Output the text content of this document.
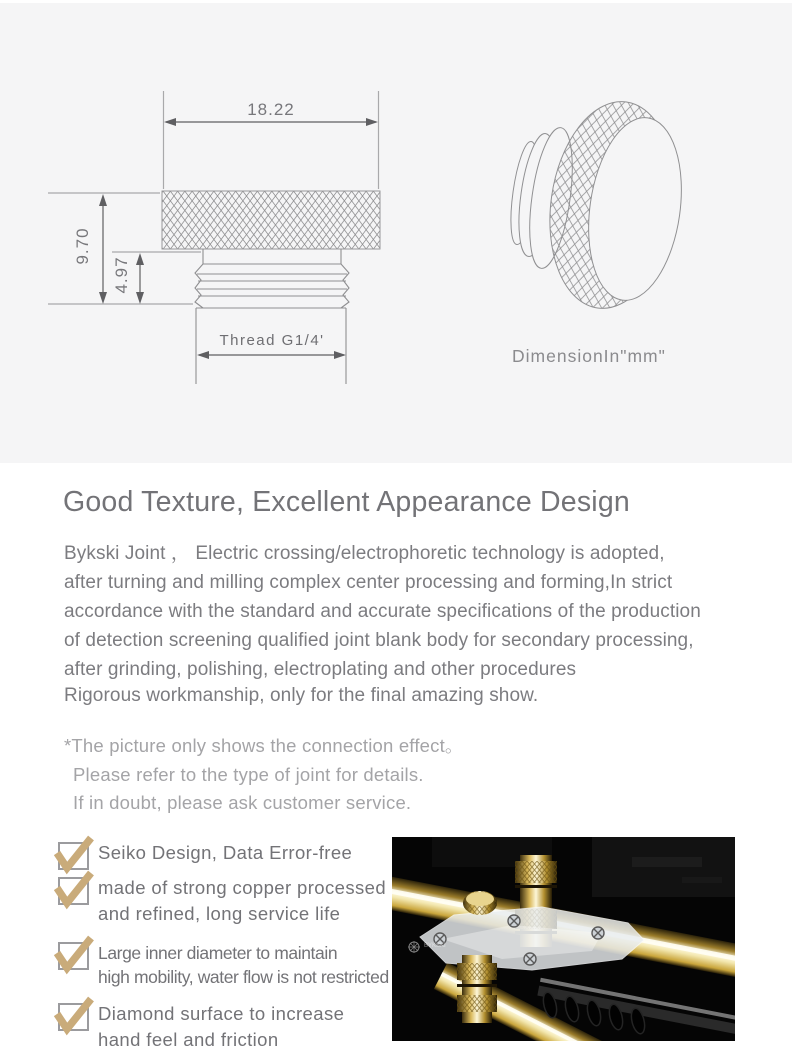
18.22
9.70
4.97
Thread G1/4'
DimensionIn"mm"
Good Texture, Excellent Appearance Design

Bykski Joint ， Electric crossing/electrophoretic technology is adopted,
after turning and milling complex center processing and forming,In strict
accordance with the standard and accurate specifications of the production
of detection screening qualified joint blank body for secondary processing,
after grinding, polishing, electroplating and other procedures

Rigorous workmanship, only for the final amazing show.

*The picture only shows the connection effect。
Please refer to the type of joint for details.
If in doubt, please ask customer service.
Seiko Design, Data Error-free
made of strong copper processed
and refined, long service life
Large inner diameter to maintain
high mobility, water flow is not restricted
Diamond surface to increase
hand feel and friction
BYKSKI
